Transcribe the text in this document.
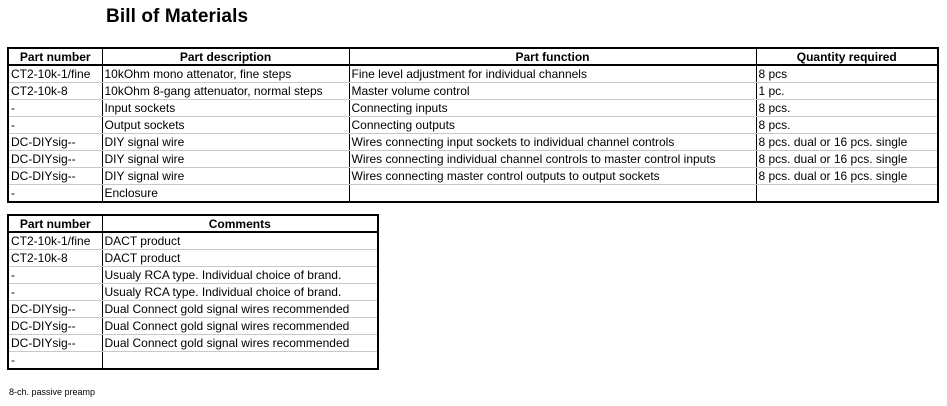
Bill of Materials
Part number	Part description	Part function	Quantity required
CT2-10k-1/fine	10kOhm mono attenator, fine steps	Fine level adjustment for individual channels	8 pcs
CT2-10k-8	10kOhm 8-gang attenuator, normal steps	Master volume control	1 pc.
-	Input sockets	Connecting inputs	8 pcs.
-	Output sockets	Connecting outputs	8 pcs.
DC-DIYsig--	DIY signal wire	Wires connecting input sockets to individual channel controls	8 pcs. dual or 16 pcs. single
DC-DIYsig--	DIY signal wire	Wires connecting individual channel controls to master control inputs	8 pcs. dual or 16 pcs. single
DC-DIYsig--	DIY signal wire	Wires connecting master control outputs to output sockets	8 pcs. dual or 16 pcs. single
-	Enclosure		
Part number	Comments
CT2-10k-1/fine	DACT product
CT2-10k-8	DACT product
-	Usualy RCA type. Individual choice of brand.
-	Usualy RCA type. Individual choice of brand.
DC-DIYsig--	Dual Connect gold signal wires recommended
DC-DIYsig--	Dual Connect gold signal wires recommended
DC-DIYsig--	Dual Connect gold signal wires recommended
-	
8-ch. passive preamp
